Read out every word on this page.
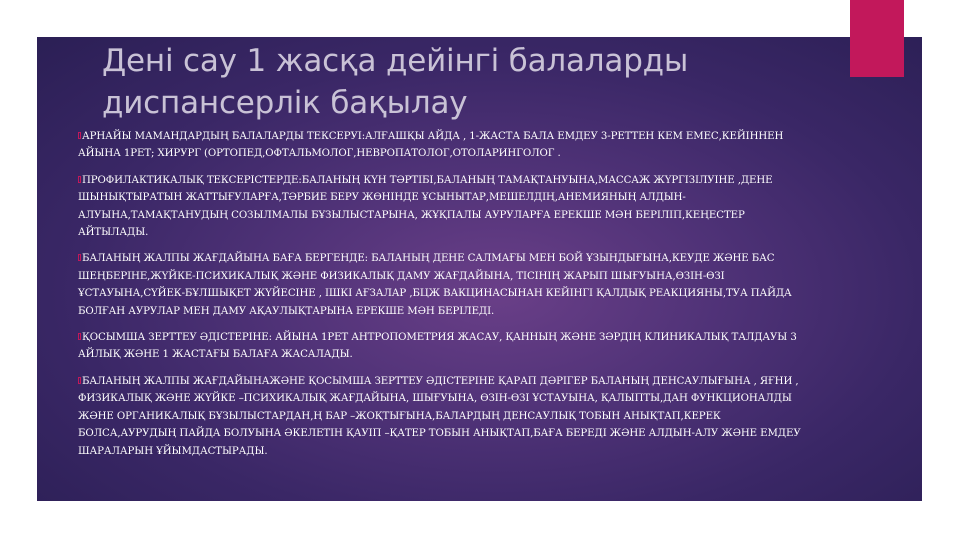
Дені сау 1 жасқа дейінгі балаларды диспансерлік бақылау
АРНАЙЫ МАМАНДАРДЫҢ БАЛАЛАРДЫ ТЕКСЕРУІ:АЛҒАШҚЫ АЙДА , 1-ЖАСТА БАЛА ЕМДЕУ 3-РЕТТЕН КЕМ ЕМЕС,КЕЙІННЕН АЙЫНА 1РЕТ; ХИРУРГ (ОРТОПЕД,ОФТАЛЬМОЛОГ,НЕВРОПАТОЛОГ,ОТОЛАРИНГОЛОГ .
ПРОФИЛАКТИКАЛЫҚ ТЕКСЕРІСТЕРДЕ:БАЛАНЫҢ КҮН ТӘРТІБІ,БАЛАНЫҢ ТАМАҚТАНУЫНА,МАССАЖ ЖҮРГІЗІЛУІНЕ ,ДЕНЕ ШЫНЫҚТЫРАТЫН ЖАТТЫҒУЛАРҒА,ТӘРБИЕ БЕРУ ЖӨНІНДЕ ҰСЫНЫТАР,МЕШЕЛДІҢ,АНЕМИЯНЫҢ АЛДЫН-АЛУЫНА,ТАМАҚТАНУДЫҢ СОЗЫЛМАЛЫ БҰЗЫЛЫСТАРЫНА, ЖҰҚПАЛЫ АУРУЛАРҒА ЕРЕКШЕ МӘН БЕРІЛІП,КЕҢЕСТЕР АЙТЫЛАДЫ.
БАЛАНЫҢ ЖАЛПЫ ЖАҒДАЙЫНА БАҒА БЕРГЕНДЕ: БАЛАНЫҢ ДЕНЕ САЛМАҒЫ МЕН БОЙ ҰЗЫНДЫҒЫНА,КЕУДЕ ЖӘНЕ БАС ШЕҢБЕРІНЕ,ЖҮЙКЕ-ПСИХИКАЛЫҚ ЖӘНЕ ФИЗИКАЛЫҚ ДАМУ ЖАҒДАЙЫНА, ТІСІНІҢ ЖАРЫП ШЫҒУЫНА,ӨЗІН-ӨЗІ ҰСТАУЫНА,СҮЙЕК-БҰЛШЫҚЕТ ЖҮЙЕСІНЕ , ІШКІ АҒЗАЛАР ,БЦЖ ВАКЦИНАСЫНАН КЕЙІНГІ ҚАЛДЫҚ РЕАКЦИЯНЫ,ТУА ПАЙДА БОЛҒАН АУРУЛАР МЕН ДАМУ АҚАУЛЫҚТАРЫНА ЕРЕКШЕ МӘН БЕРІЛЕДІ.
ҚОСЫМША ЗЕРТТЕУ ӘДІСТЕРІНЕ: АЙЫНА 1РЕТ АНТРОПОМЕТРИЯ ЖАСАУ, ҚАННЫҢ ЖӘНЕ ЗӘРДІҢ КЛИНИКАЛЫҚ ТАЛДАУЫ 3 АЙЛЫҚ ЖӘНЕ 1 ЖАСТАҒЫ БАЛАҒА ЖАСАЛАДЫ.
БАЛАНЫҢ ЖАЛПЫ ЖАҒДАЙЫНАЖӘНЕ ҚОСЫМША ЗЕРТТЕУ ӘДІСТЕРІНЕ ҚАРАП ДӘРІГЕР БАЛАНЫҢ ДЕНСАУЛЫҒЫНА , ЯҒНИ , ФИЗИКАЛЫҚ ЖӘНЕ ЖҮЙКЕ –ПСИХИКАЛЫҚ ЖАҒДАЙЫНА, ШЫҒУЫНА, ӨЗІН-ӨЗІ ҰСТАУЫНА, ҚАЛЫПТЫ,ДАН ФУНКЦИОНАЛДЫ ЖӘНЕ ОРГАНИКАЛЫҚ БҰЗЫЛЫСТАРДАН,Ң БАР –ЖОҚТЫҒЫНА,БАЛАРДЫҢ ДЕНСАУЛЫҚ ТОБЫН АНЫҚТАП,КЕРЕК БОЛСА,АУРУДЫҢ ПАЙДА БОЛУЫНА ӘКЕЛЕТІН ҚАУІП –ҚАТЕР ТОБЫН АНЫҚТАП,БАҒА БЕРЕДІ ЖӘНЕ АЛДЫН-АЛУ ЖӘНЕ ЕМДЕУ ШАРАЛАРЫН ҰЙЫМДАСТЫРАДЫ.
